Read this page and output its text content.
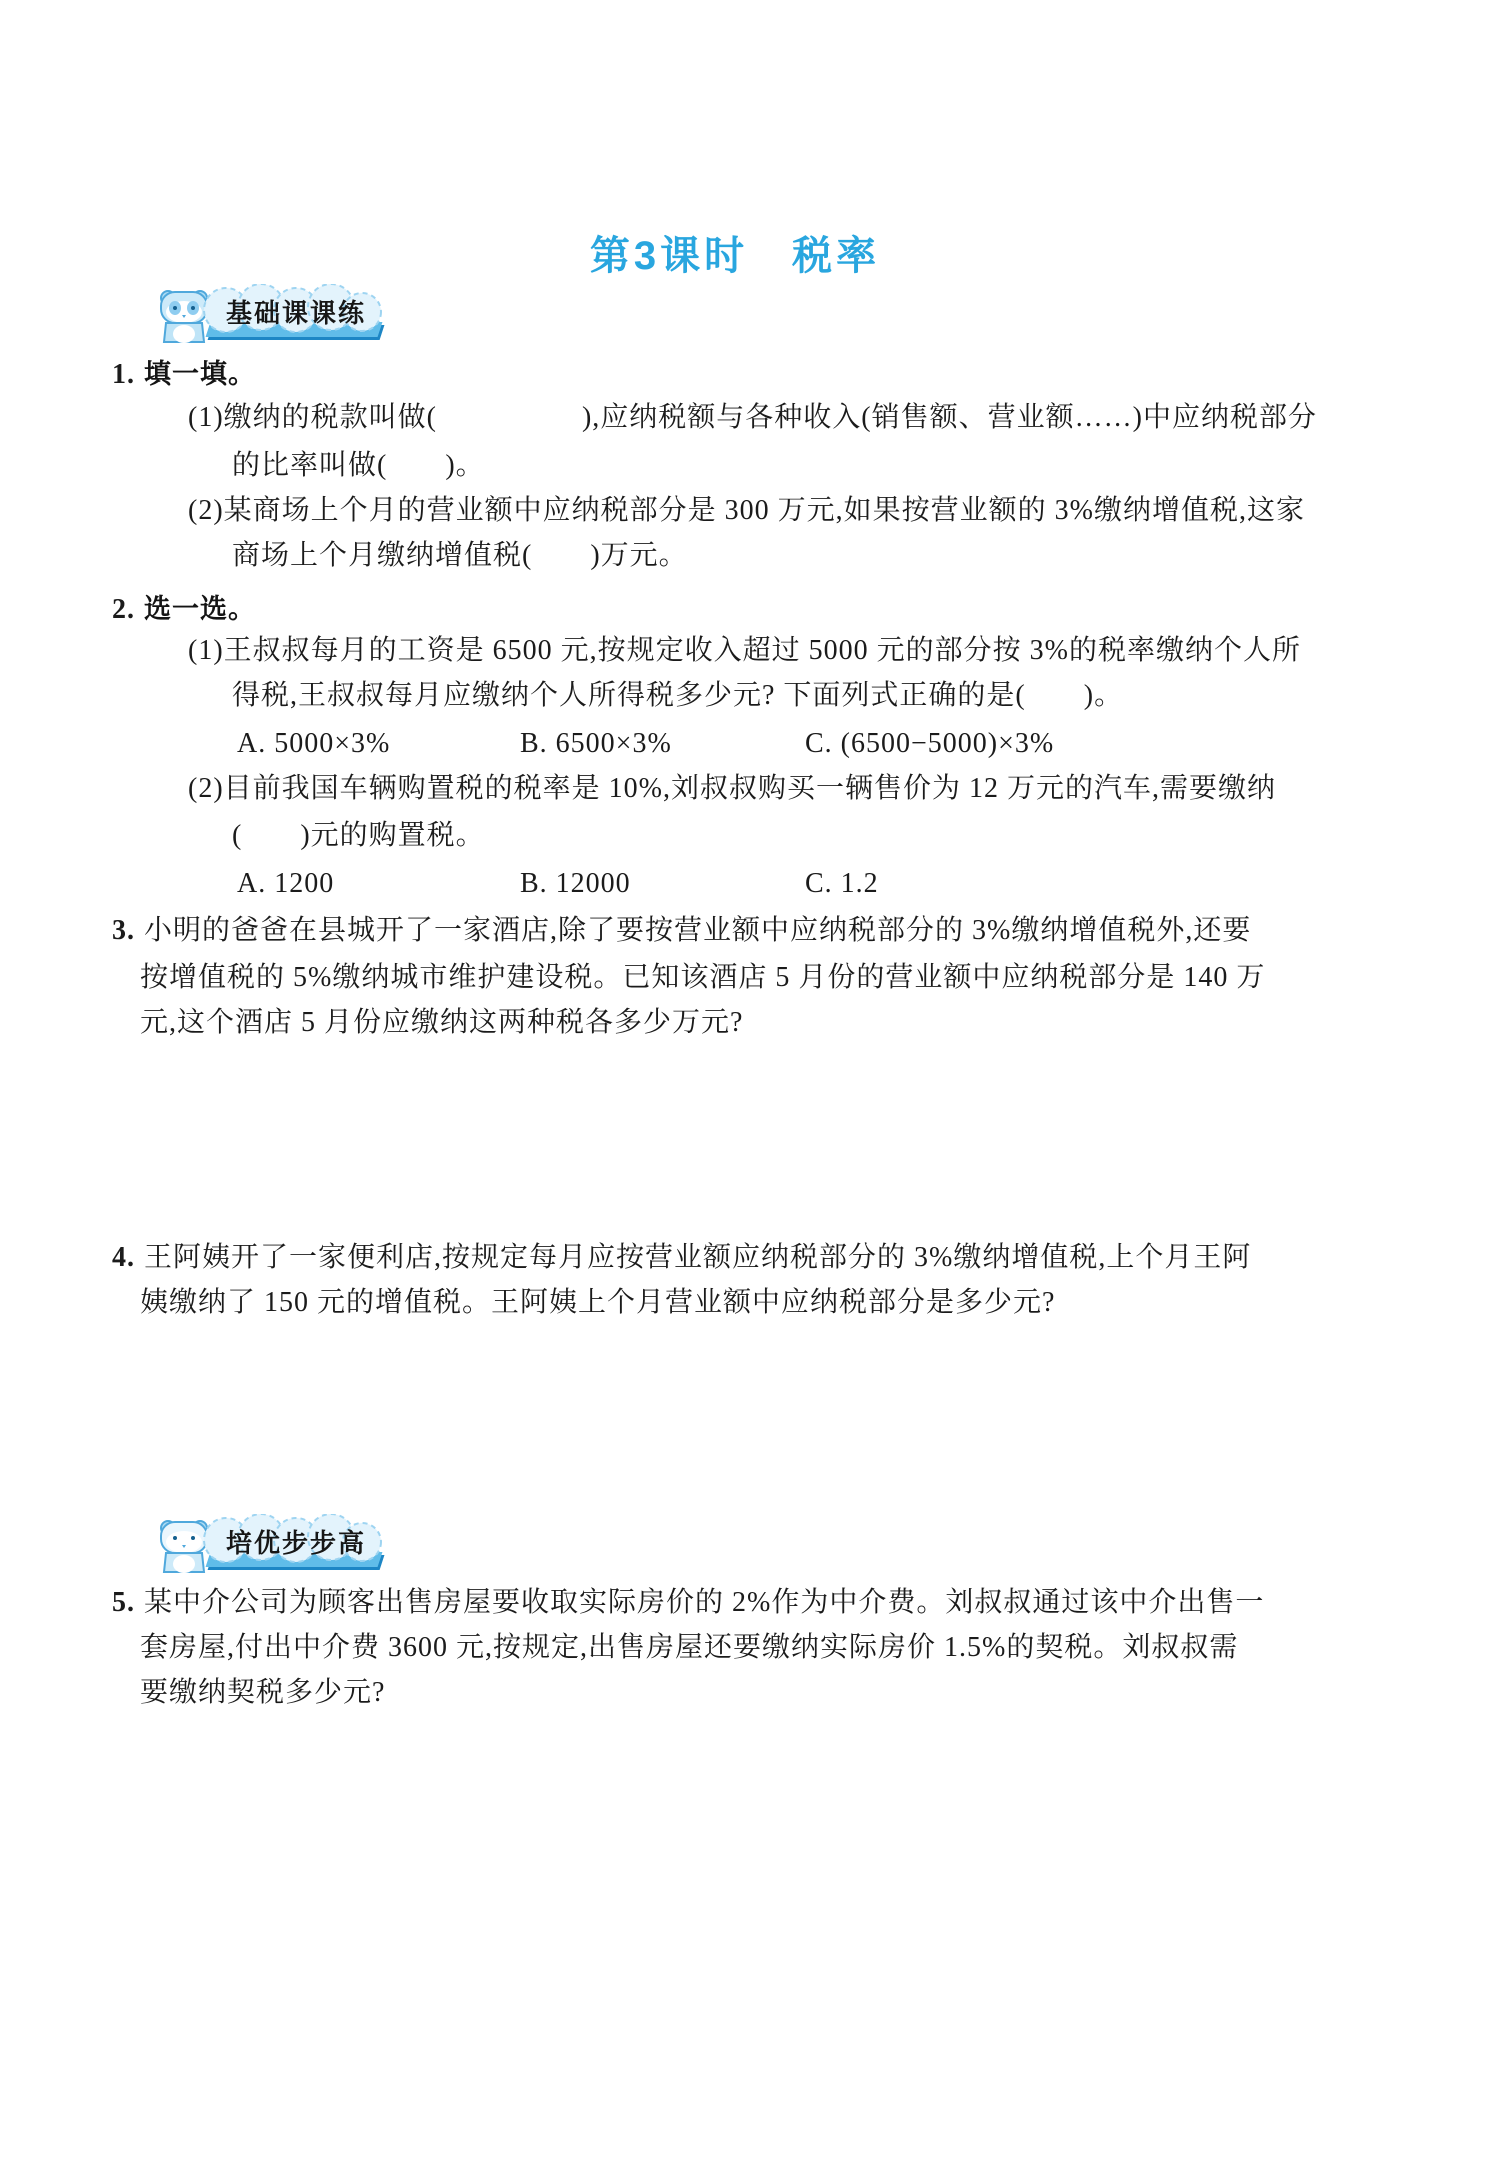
第3课时　税率
基础课课练
1. 填一填。
(1)缴纳的税款叫做(　　　　　),应纳税额与各种收入(销售额、营业额……)中应纳税部分
的比率叫做(　　)。
(2)某商场上个月的营业额中应纳税部分是 300 万元,如果按营业额的 3%缴纳增值税,这家
商场上个月缴纳增值税(　　)万元。
2. 选一选。
(1)王叔叔每月的工资是 6500 元,按规定收入超过 5000 元的部分按 3%的税率缴纳个人所
得税,王叔叔每月应缴纳个人所得税多少元? 下面列式正确的是(　　)。
A. 5000×3%	B. 6500×3%	C. (6500−5000)×3%
(2)目前我国车辆购置税的税率是 10%,刘叔叔购买一辆售价为 12 万元的汽车,需要缴纳
(　　)元的购置税。
A. 1200	B. 12000	C. 1.2
3. 小明的爸爸在县城开了一家酒店,除了要按营业额中应纳税部分的 3%缴纳增值税外,还要
按增值税的 5%缴纳城市维护建设税。已知该酒店 5 月份的营业额中应纳税部分是 140 万
元,这个酒店 5 月份应缴纳这两种税各多少万元?
4. 王阿姨开了一家便利店,按规定每月应按营业额应纳税部分的 3%缴纳增值税,上个月王阿
姨缴纳了 150 元的增值税。王阿姨上个月营业额中应纳税部分是多少元?
培优步步高
5. 某中介公司为顾客出售房屋要收取实际房价的 2%作为中介费。刘叔叔通过该中介出售一
套房屋,付出中介费 3600 元,按规定,出售房屋还要缴纳实际房价 1.5%的契税。刘叔叔需
要缴纳契税多少元?
